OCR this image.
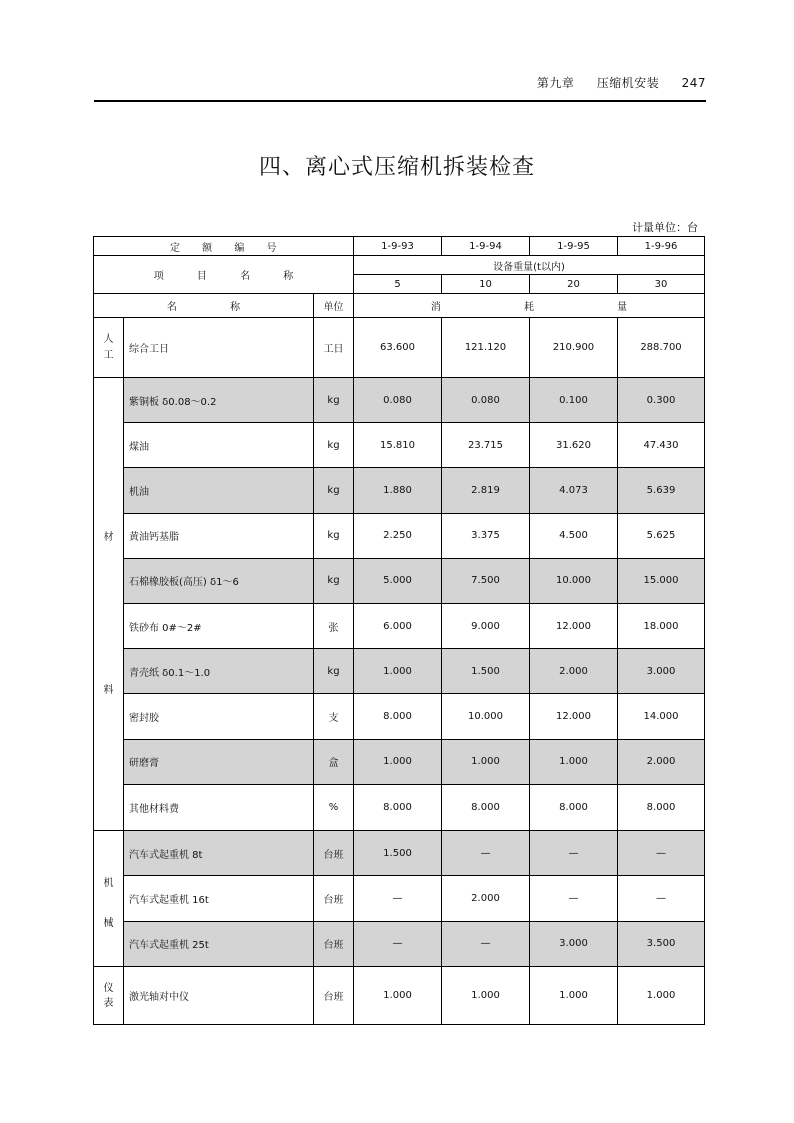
第九章 压缩机安装 247
四、离心式压缩机拆装检查
计量单位：台
定 额 编 号			1-9-93	1-9-94	1-9-95	1-9-96
项 目 名 称			设备重量(t以内)			
			5	10	20	30
名 称		单位	消 耗 量			
人工	综合工日	工日	63.600	121.120	210.900	288.700

材
料	紫铜板 δ0.08～0.2	kg	0.080	0.080	0.100	0.300
	煤油	kg	15.810	23.715	31.620	47.430
	机油	kg	1.880	2.819	4.073	5.639
	黄油钙基脂	kg	2.250	3.375	4.500	5.625
	石棉橡胶板(高压) δ1～6	kg	5.000	7.500	10.000	15.000
	铁砂布 0#～2#	张	6.000	9.000	12.000	18.000
	青壳纸 δ0.1～1.0	kg	1.000	1.500	2.000	3.000
	密封胶	支	8.000	10.000	12.000	14.000
	研磨膏	盒	1.000	1.000	1.000	2.000
	其他材料费	%	8.000	8.000	8.000	8.000

机
械	汽车式起重机 8t	台班	1.500	—	—	—
	汽车式起重机 16t	台班	—	2.000	—	—
	汽车式起重机 25t	台班	—	—	3.000	3.500
仪表	激光轴对中仪	台班	1.000	1.000	1.000	1.000
